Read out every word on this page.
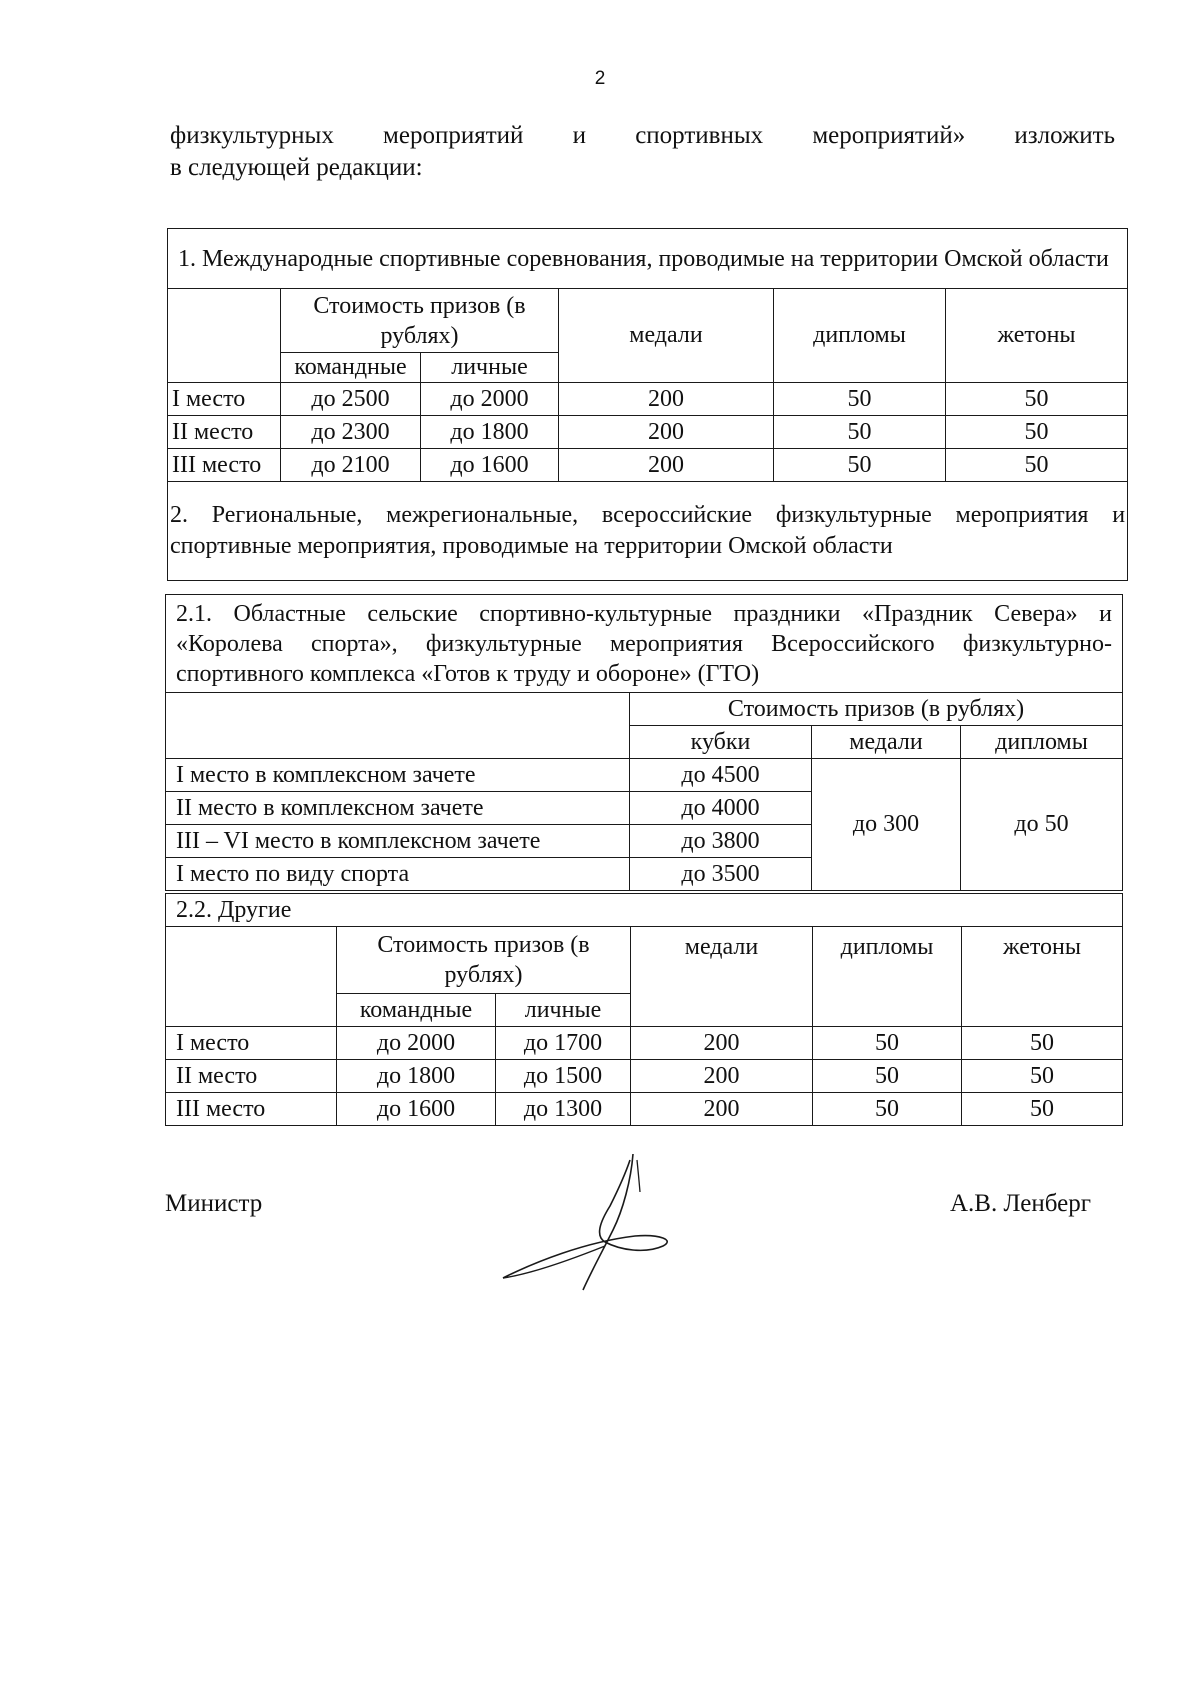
2
физкультурных мероприятий и спортивных мероприятий» изложить
в следующей редакции:
1. Международные спортивные соревнования, проводимые на территории Омской области					
	Стоимость призов (в рублях)		медали	дипломы	жетоны
	командные	личные			
I место	до 2500	до 2000	200	50	50
II место	до 2300	до 1800	200	50	50
III место	до 2100	до 1600	200	50	50
2. Региональные, межрегиональные, всероссийские физкультурные мероприятия и спортивные мероприятия, проводимые на территории Омской области					
2.1. Областные сельские спортивно-культурные праздники «Праздник Севера» и «Королева спорта», физкультурные мероприятия Всероссийского физкультурно-спортивного комплекса «Готов к труду и обороне» (ГТО)			
	Стоимость призов (в рублях)		
	кубки	медали	дипломы
I место в комплексном зачете	до 4500	до 300	до 50
II место в комплексном зачете	до 4000		
III – VI место в комплексном зачете	до 3800		
I место по виду спорта	до 3500		
2.2. Другие					
	Стоимость призов (в рублях)		медали	дипломы	жетоны
	командные	личные			
I место	до 2000	до 1700	200	50	50
II место	до 1800	до 1500	200	50	50
III место	до 1600	до 1300	200	50	50
Министр	А.В. Ленберг
